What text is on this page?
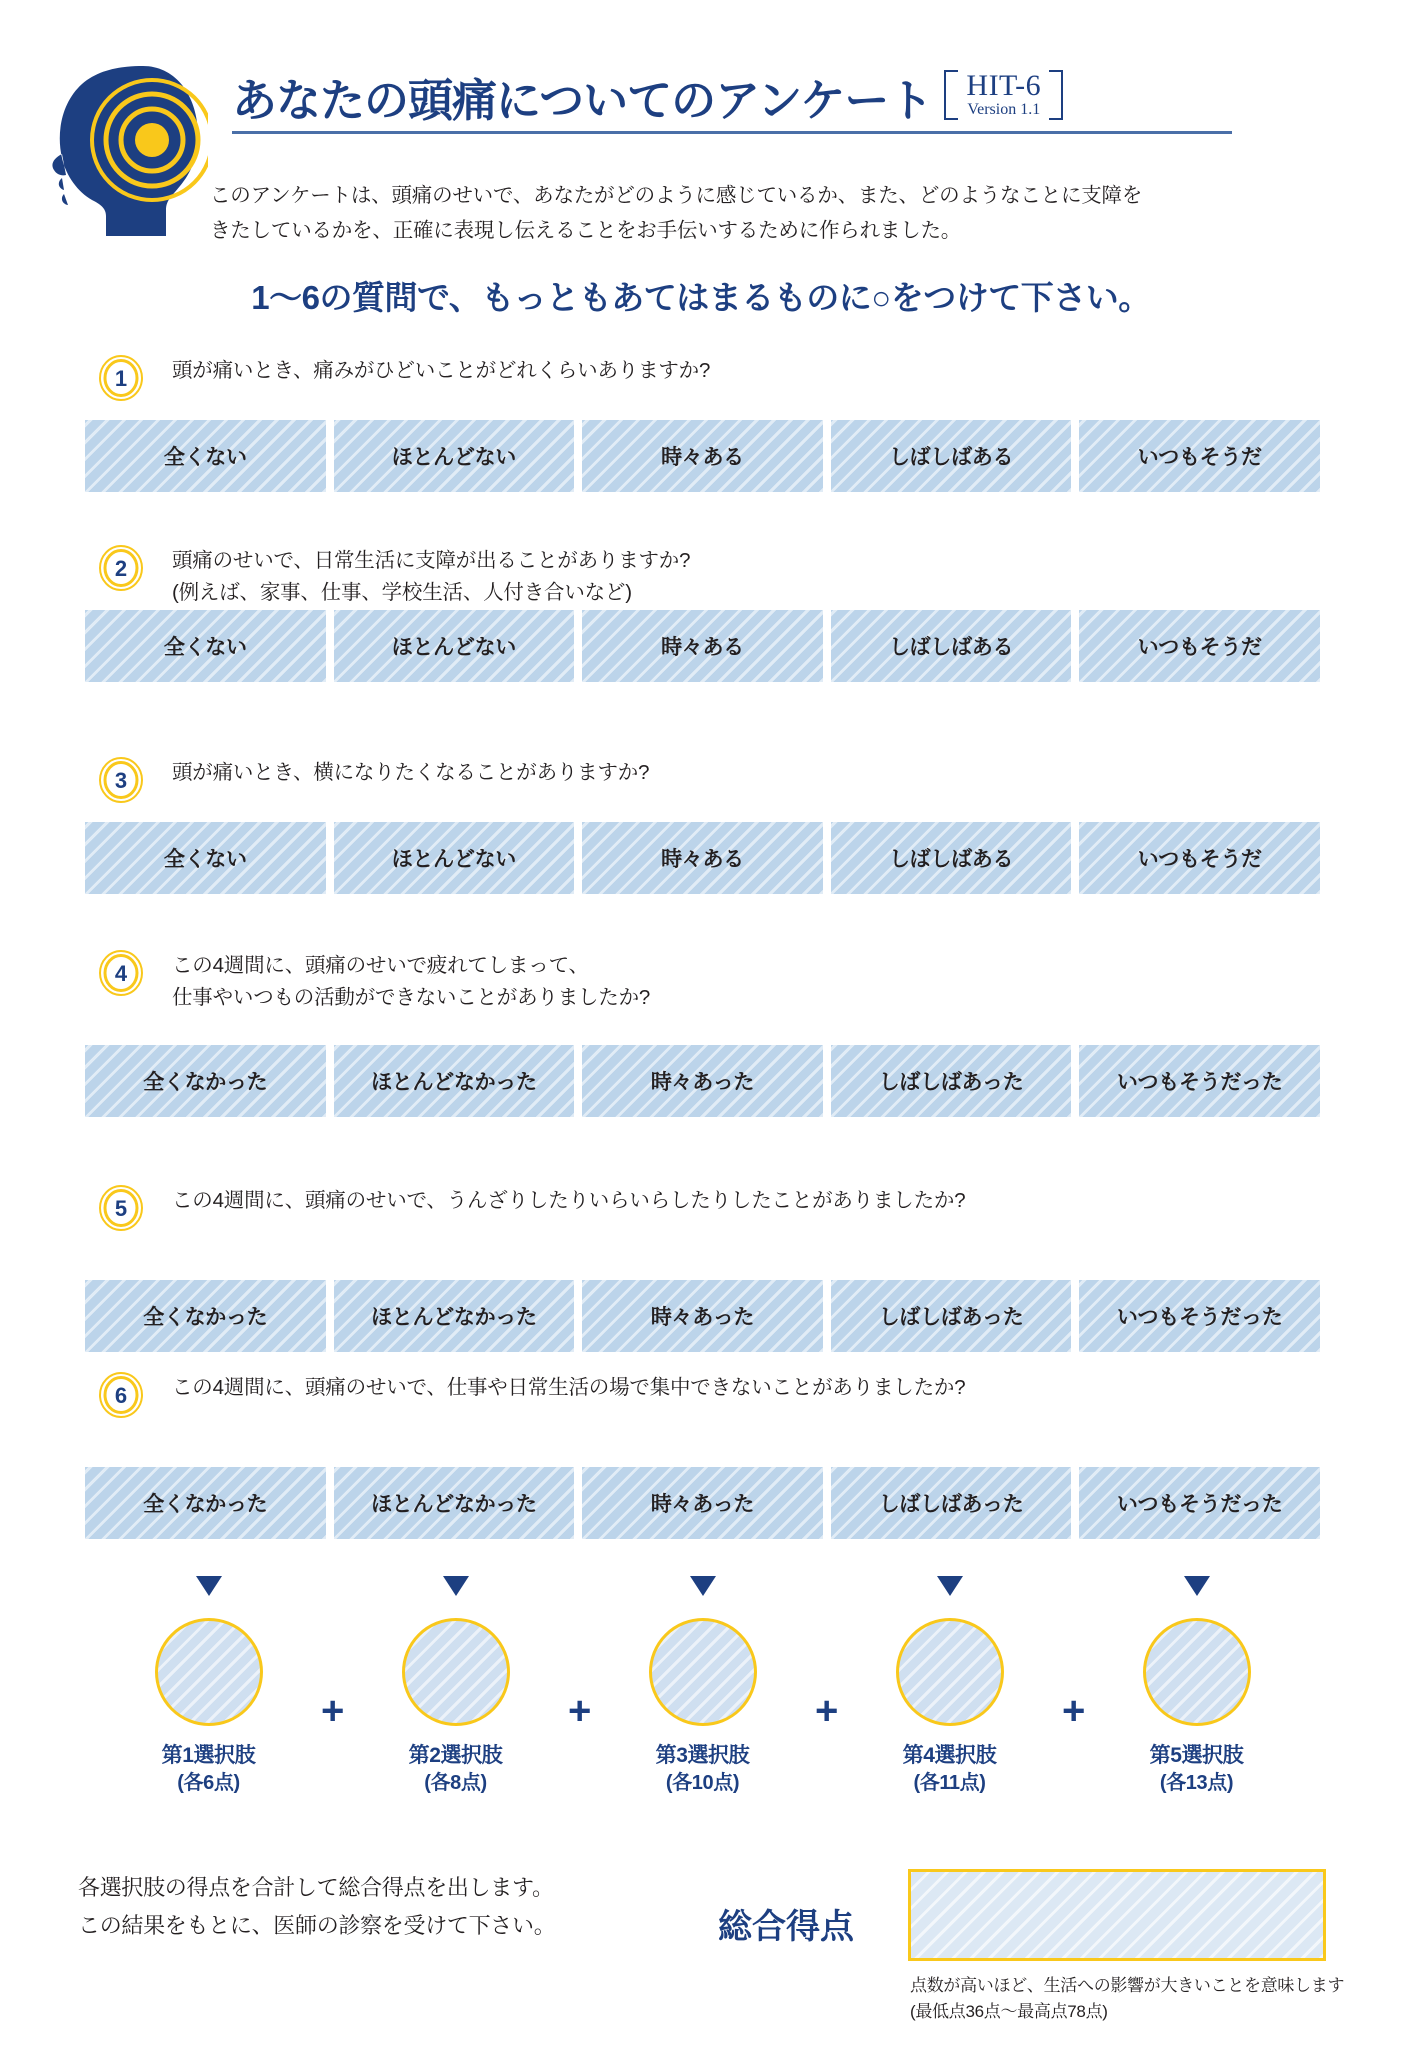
あなたの頭痛についてのアンケート HIT-6
Version 1.1
このアンケートは、頭痛のせいで、あなたがどのように感じているか、また、どのようなことに支障を
きたしているかを、正確に表現し伝えることをお手伝いするために作られました。
1〜6の質問で、もっともあてはまるものに○をつけて下さい。
1 頭が痛いとき、痛みがひどいことがどれくらいありますか?
全くない	ほとんどない	時々ある	しばしばある	いつもそうだ
2 頭痛のせいで、日常生活に支障が出ることがありますか?
(例えば、家事、仕事、学校生活、人付き合いなど)
全くない	ほとんどない	時々ある	しばしばある	いつもそうだ
3 頭が痛いとき、横になりたくなることがありますか?
全くない	ほとんどない	時々ある	しばしばある	いつもそうだ
4 この4週間に、頭痛のせいで疲れてしまって、
仕事やいつもの活動ができないことがありましたか?
全くなかった	ほとんどなかった	時々あった	しばしばあった	いつもそうだった
5 この4週間に、頭痛のせいで、うんざりしたりいらいらしたりしたことがありましたか?
全くなかった	ほとんどなかった	時々あった	しばしばあった	いつもそうだった
6 この4週間に、頭痛のせいで、仕事や日常生活の場で集中できないことがありましたか?
全くなかった	ほとんどなかった	時々あった	しばしばあった	いつもそうだった
第1選択肢
(各6点)
+
第2選択肢
(各8点)
+
第3選択肢
(各10点)
+
第4選択肢
(各11点)
+
第5選択肢
(各13点)
各選択肢の得点を合計して総合得点を出します。
この結果をもとに、医師の診察を受けて下さい。	総合得点
点数が高いほど、生活への影響が大きいことを意味します
(最低点36点〜最高点78点)
